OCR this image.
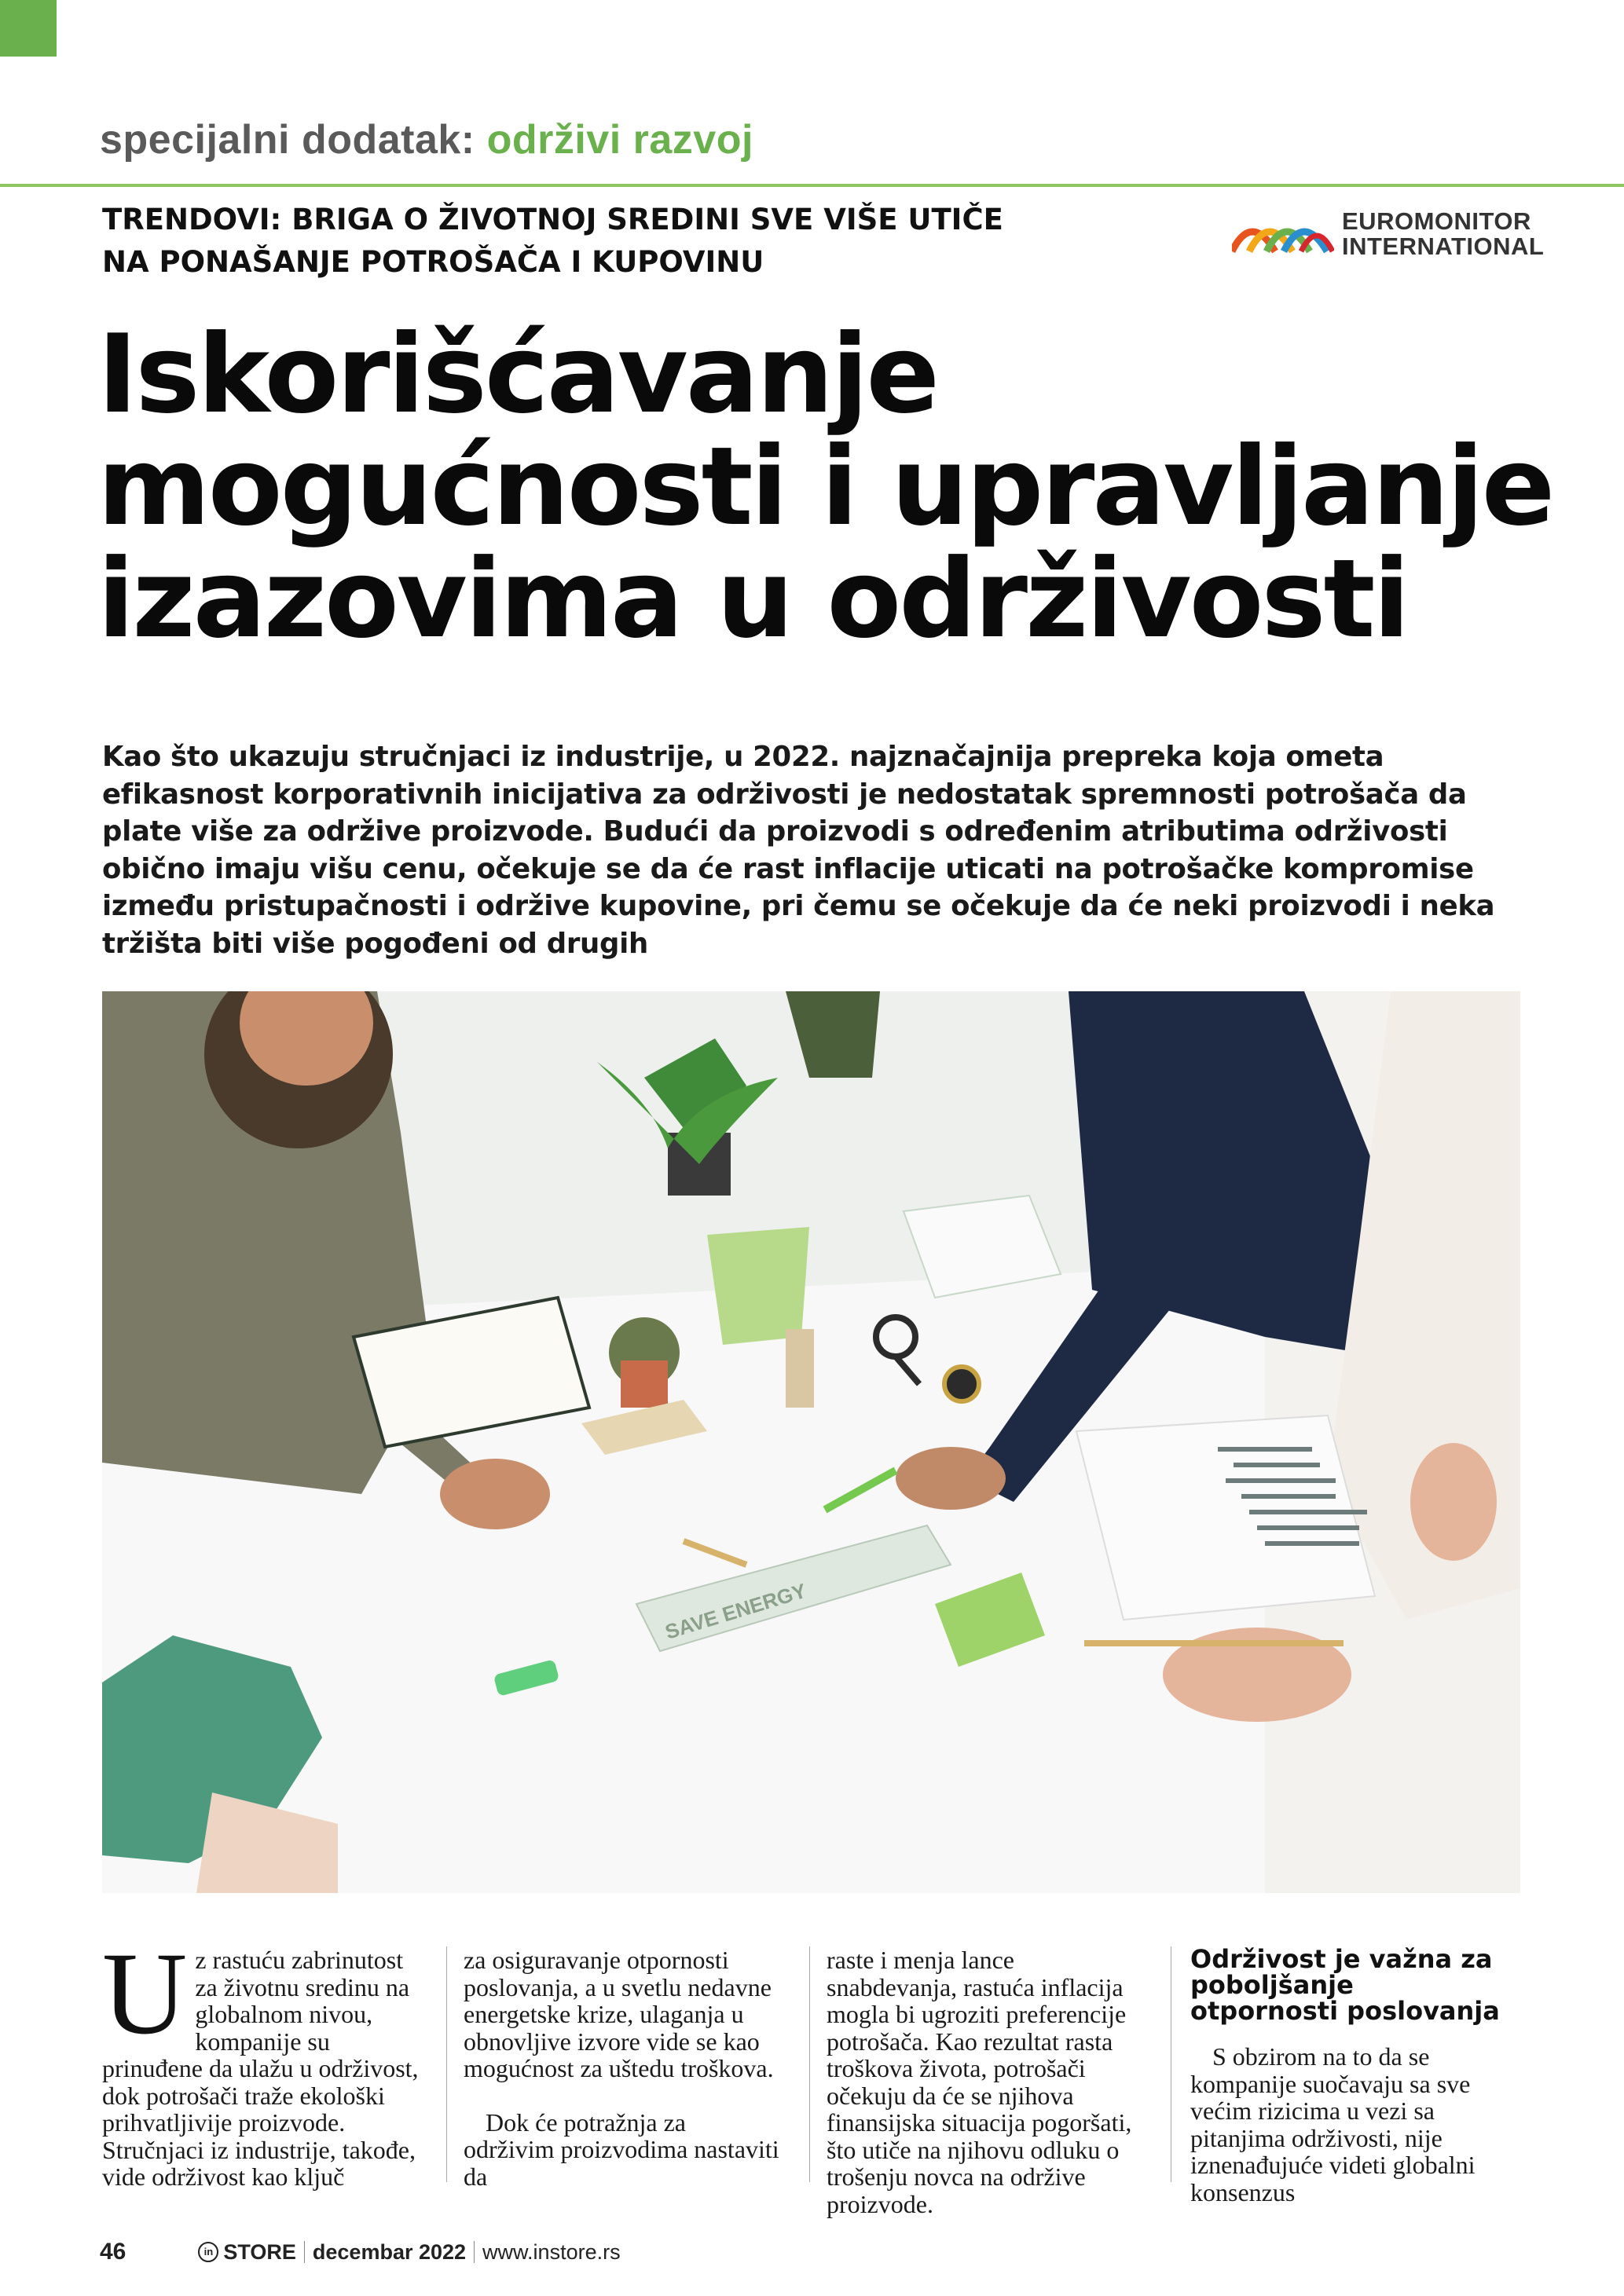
specijalni dodatak: održivi razvoj
TRENDOVI: BRIGA O ŽIVOTNOJ SREDINI SVE VIŠE UTIČE NA PONAŠANJE POTROŠAČA I KUPOVINU
EUROMONITOR
INTERNATIONAL
Iskorišćavanje
mogućnosti i upravljanje
izazovima u održivosti
Kao što ukazuju stručnjaci iz industrije, u 2022. najznačajnija prepreka koja ometa efikasnost korporativnih inicijativa za održivosti je nedostatak spremnosti potrošača da plate više za održive proizvode. Budući da proizvodi s određenim atributima održivosti obično imaju višu cenu, očekuje se da će rast inflacije uticati na potrošačke kompromise između pristupačnosti i održive kupovine, pri čemu se očekuje da će neki proizvodi i neka tržišta biti više pogođeni od drugih
SAVE ENERGY
U z rastuću zabrinutost za životnu sredinu na globalnom nivou, kompanije su prinuđene da ulažu u održivost, dok potrošači traže ekološki prihvatljivije proizvode. Stručnjaci iz industrije, takođe, vide održivost kao ključ

za osiguravanje otpornosti poslovanja, a u svetlu nedavne energetske krize, ulaganja u obnovljive izvore vide se kao mogućnost za uštedu troškova.

Dok će potražnja za održivim proizvodima nastaviti da

raste i menja lance snabdevanja, rastuća inflacija mogla bi ugroziti preferencije potrošača. Kao rezultat rasta troškova života, potrošači očekuju da će se njihova finansijska situacija pogoršati, što utiče na njihovu odluku o trošenju novca na održive proizvode.

Održivost je važna za poboljšanje otpornosti poslovanja

S obzirom na to da se kompanije suočavaju sa sve većim rizicima u vezi sa pitanjima održivosti, nije iznenađujuće videti globalni konsenzus

46	in STORE decembar 2022 www.instore.rs
